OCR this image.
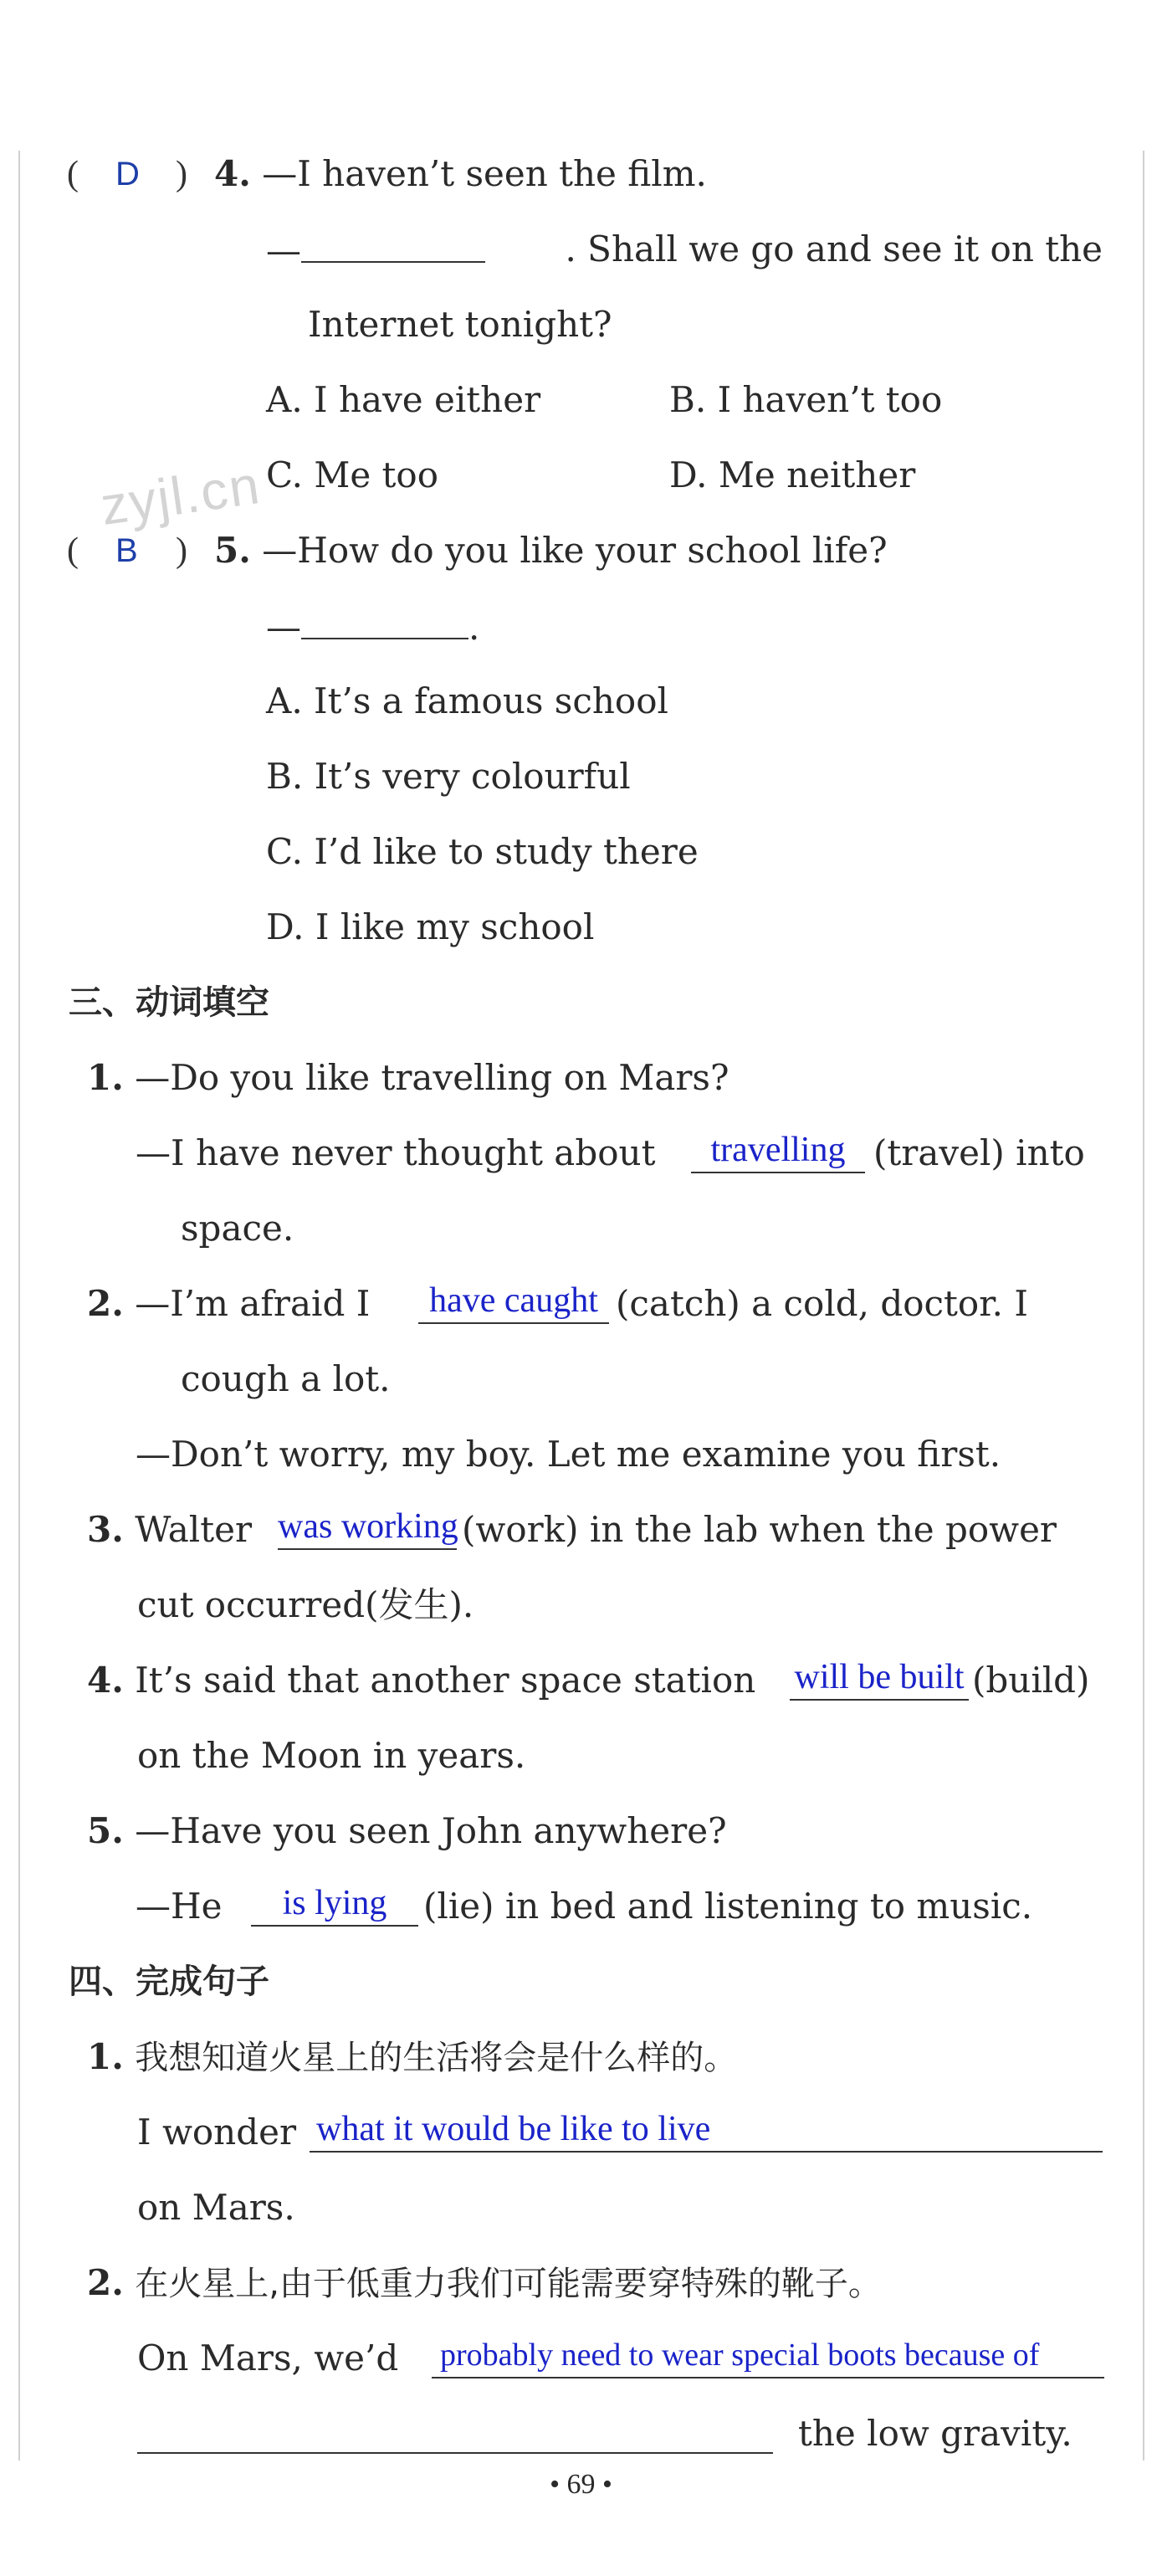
( D ) 4. —I haven’t seen the film.
—	. Shall we go and see it on the
Internet tonight?
A. I have either	B. I haven’t too
C. Me too	D. Me neither
zyjl.cn
( B ) 5. —How do you like your school life?
—	.
A. It’s a famous school
B. It’s very colourful
C. I’d like to study there
D. I like my school
三、动词填空
1. —Do you like travelling on Mars?
—I have never thought about	travelling (travel) into
space.
2. —I’m afraid I	have caught (catch) a cold, doctor. I
cough a lot.
—Don’t worry, my boy. Let me examine you first.
3. Walter was working (work) in the lab when the power
cut occurred(发生).
4. It’s said that another space station will be built (build)
on the Moon in years.
5. —Have you seen John anywhere?
—He	is lying	(lie) in bed and listening to music.
四、完成句子
1. 我想知道火星上的生活将会是什么样的。
I wonder what it would be like to live
on Mars.
2. 在火星上,由于低重力我们可能需要穿特殊的靴子。
On Mars, we’d probably need to wear special boots because of
the low gravity.
• 69 •
